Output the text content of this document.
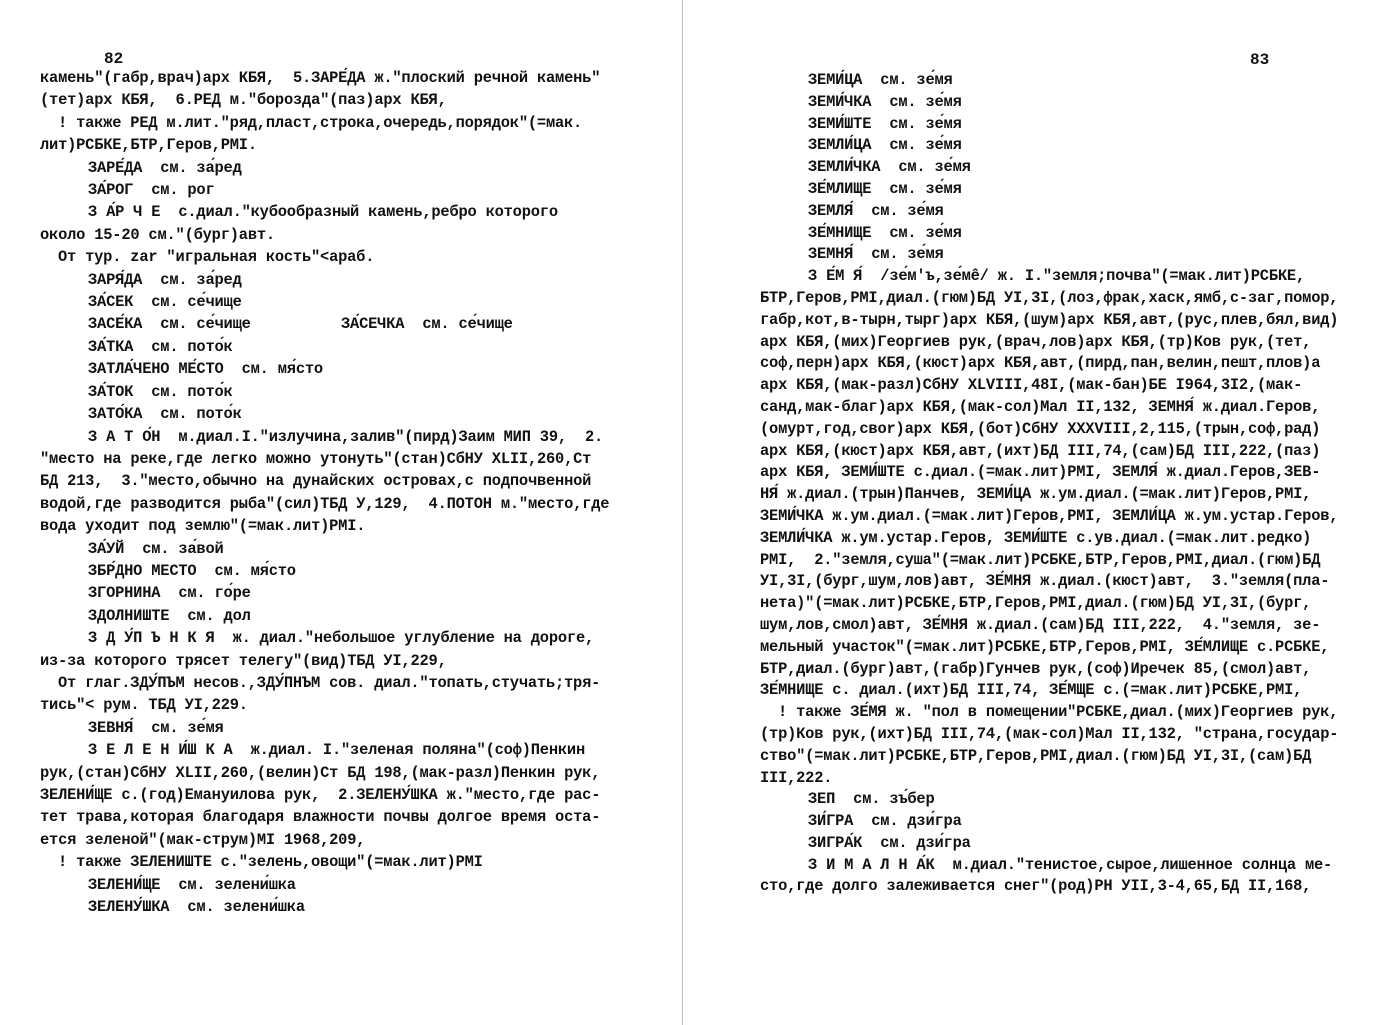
82
камень"(габр,врач)арх КБЯ,  5.ЗАРЕ́ДА ж."плоский речной камень"
(тет)арх КБЯ,  6.РЕД м."борозда"(паз)арх КБЯ,
! также РЕД м.лит."ряд,пласт,строка,очередь,порядок"(=мак.
лит)РСБКЕ,БТР,Геров,РМI.
ЗАРЕ́ДА  см. за́ред
ЗА́РОГ  см. рог
З А́Р Ч Е  с.диал."кубообразный камень,ребро которого
около 15-20 см."(бург)авт.
От тур. zar "игральная кость"<араб.
ЗАРЯ́ДА  см. за́ред
ЗА́СЕК  см. се́чище
ЗАСЕ́КА  см. се́чище          ЗА́СЕЧКА  см. се́чище
ЗА́ТКА  см. пото́к
ЗАТЛА́ЧЕНО МЕ́СТО  см. мя́сто
ЗА́ТОК  см. пото́к
ЗАТО́КА  см. пото́к
З А Т О́Н  м.диал.I."излучина,залив"(пирд)Заим МИП 39,  2.
"место на реке,где легко можно утонуть"(стан)СбНУ XLII,260,Ст
БД 213,  3."место,обычно на дунайских островах,с подпочвенной
водой,где разводится рыба"(сил)ТБД У,129,  4.ПОТОН м."место,где
вода уходит под землю"(=мак.лит)РМI.
ЗА́УЙ  см. за́вой
ЗБР́ДНО МЕСТО  см. мя́сто
ЗГОРНИНА  см. го́ре
ЗДОЛНИШТЕ  см. дол
З Д У́П Ъ Н К Я  ж. диал."небольшое углубление на дороге,
из-за которого трясет телегу"(вид)ТБД УI,229,
От глаг.ЗДУ́ПЪМ несов.,ЗДУ́ПНЪМ сов. диал."топать,стучать;тря-
тись"< рум. ТБД УI,229.
ЗЕВНЯ́  см. зе́мя
З Е Л Е Н И́Ш К А  ж.диал. I."зеленая поляна"(соф)Пенкин
рук,(стан)СбНУ XLII,260,(велин)Ст БД 198,(мак-разл)Пенкин рук,
ЗЕЛЕНИ́ЩЕ с.(год)Емануилова рук,  2.ЗЕЛЕНУ́ШКА ж."место,где рас-
тет трава,которая благодаря влажности почвы долгое время оста-
ется зеленой"(мак-струм)МI 1968,209,
! также ЗЕЛЕНИШТЕ с."зелень,овощи"(=мак.лит)РМI
ЗЕЛЕНИ́ЩЕ  см. зелени́шка
ЗЕЛЕНУ́ШКА  см. зелени́шка
83
ЗЕМИ́ЦА  см. зе́мя
ЗЕМИ́ЧКА  см. зе́мя
ЗЕМИ́ШТЕ  см. зе́мя
ЗЕМЛИ́ЦА  см. зе́мя
ЗЕМЛИ́ЧКА  см. зе́мя
ЗЕ́МЛИЩЕ  см. зе́мя
ЗЕМЛЯ́  см. зе́мя
ЗЕ́МНИЩЕ  см. зе́мя
ЗЕМНЯ́  см. зе́мя
З Е́М Я́  /зе́м'ъ,зе́мê/ ж. I."земля;почва"(=мак.лит)РСБКЕ,
БТР,Геров,РМI,диал.(гюм)БД УI,3I,(лоз,фрак,хаск,ямб,с-заг,помор,
габр,кот,в-тырн,тырг)арх КБЯ,(шум)арх КБЯ,авт,(рус,плев,бял,вид)
арх КБЯ,(мих)Георгиев рук,(врач,лов)арх КБЯ,(тр)Ков рук,(тет,
соф,перн)арх КБЯ,(кюст)арх КБЯ,авт,(пирд,пан,велин,пешт,плов)а
арх КБЯ,(мак-разл)СбНУ XLVIII,48I,(мак-бан)БЕ I964,3I2,(мак-
санд,мак-благ)арх КБЯ,(мак-сол)Мал II,132, ЗЕМНЯ́ ж.диал.Геров,
(омурт,год,своr)арх КБЯ,(бот)СбНУ XXXVIII,2,115,(трын,соф,рад)
арх КБЯ,(кюст)арх КБЯ,авт,(ихт)БД III,74,(сам)БД III,222,(паз)
арх КБЯ, ЗЕМИ́ШТЕ с.диал.(=мак.лит)РМI, ЗЕМЛЯ́ ж.диал.Геров,ЗЕВ-
НЯ́ ж.диал.(трын)Панчев, ЗЕМИ́ЦА ж.ум.диал.(=мак.лит)Геров,РМI,
ЗЕМИ́ЧКА ж.ум.диал.(=мак.лит)Геров,РМI, ЗЕМЛИ́ЦА ж.ум.устар.Геров,
ЗЕМЛИ́ЧКА ж.ум.устар.Геров, ЗЕМИ́ШТЕ с.ув.диал.(=мак.лит.редко)
РМI,  2."земля,суша"(=мак.лит)РСБКЕ,БТР,Геров,РМI,диал.(гюм)БД
УI,3I,(бург,шум,лов)авт, ЗЕ́МНЯ ж.диал.(кюст)авт,  3."земля(пла-
нета)"(=мак.лит)РСБКЕ,БТР,Геров,РМI,диал.(гюм)БД УI,3I,(бург,
шум,лов,смол)авт, ЗЕ́МНЯ ж.диал.(сам)БД III,222,  4."земля, зе-
мельный участок"(=мак.лит)РСБКЕ,БТР,Геров,РМI, ЗЕ́МЛИЩЕ с.РСБКЕ,
БТР,диал.(бург)авт,(габр)Гунчев рук,(соф)Иречек 85,(смол)авт,
ЗЕ́МНИЩЕ с. диал.(ихт)БД III,74, ЗЕ́МЩЕ с.(=мак.лит)РСБКЕ,РМI,
! также ЗЕ́МЯ ж. "пол в помещении"РСБКЕ,диал.(мих)Георгиев рук,
(тр)Ков рук,(ихт)БД III,74,(мак-сол)Мал II,132, "страна,государ-
ство"(=мак.лит)РСБКЕ,БТР,Геров,РМI,диал.(гюм)БД УI,3I,(сам)БД
III,222.
ЗЕП  см. зъ́бер
ЗИ́ГРА  см. дзи́гра
ЗИГРА́К  см. дзи́гра
З И М А Л Н А́К  м.диал."тенистое,сырое,лишенное солнца ме-
сто,где долго залеживается снег"(род)РН УII,3-4,65,БД II,168,
